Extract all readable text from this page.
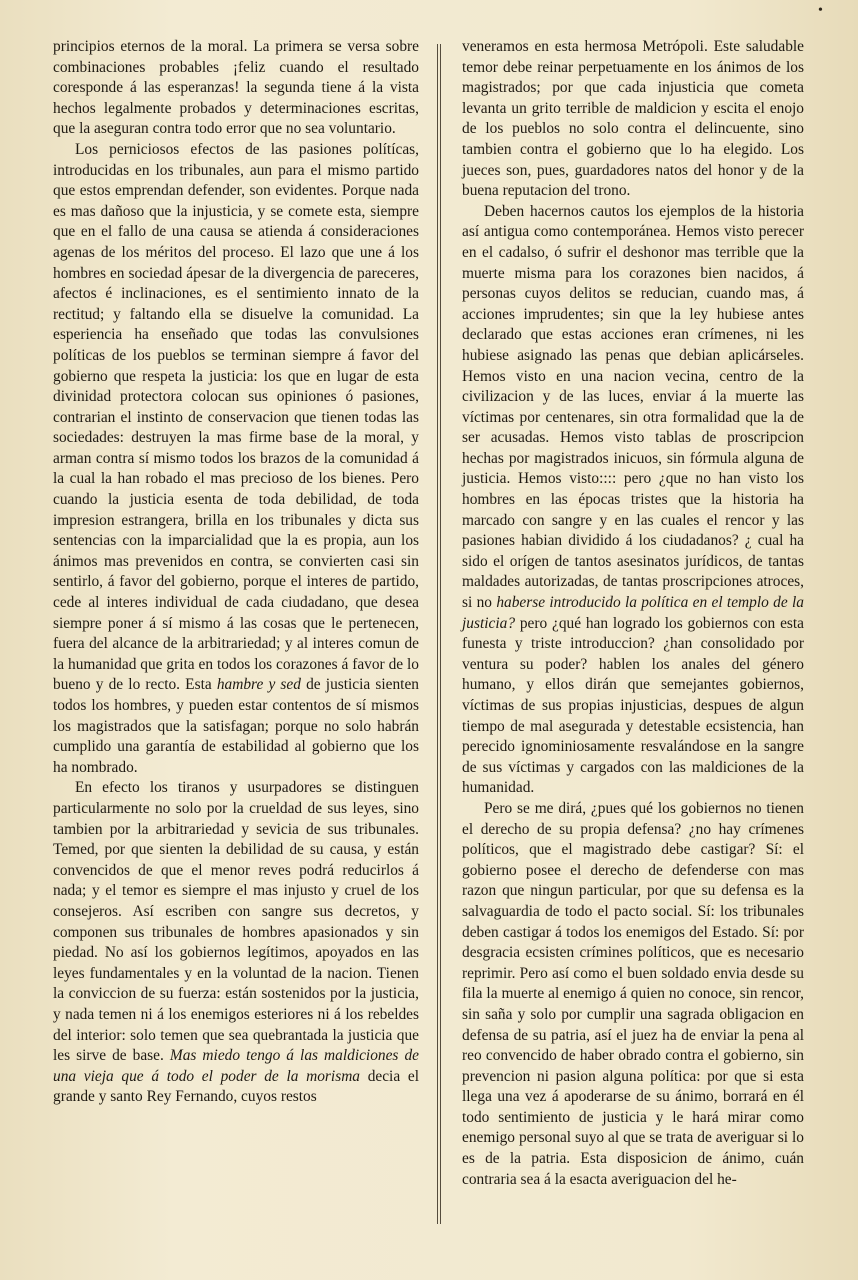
•

principios eternos de la moral. La primera se versa sobre combinaciones probables ¡feliz cuando el resultado coresponde á las esperanzas! la segunda tiene á la vista hechos legalmente probados y determinaciones escritas, que la aseguran contra todo error que no sea voluntario.

Los perniciosos efectos de las pasiones polítícas, introducidas en los tribunales, aun para el mismo partido que estos emprendan defender, son evidentes. Porque nada es mas dañoso que la injusticia, y se comete esta, siempre que en el fallo de una causa se atienda á consideraciones agenas de los méritos del proceso. El lazo que une á los hombres en sociedad ápesar de la divergencia de pareceres, afectos é inclinaciones, es el sentimiento innato de la rectitud; y faltando ella se disuelve la comunidad. La esperiencia ha enseñado que todas las convulsiones políticas de los pueblos se terminan siempre á favor del gobierno que respeta la justicia: los que en lugar de esta divinidad protectora colocan sus opiniones ó pasiones, contrarian el instinto de conservacion que tienen todas las sociedades: destruyen la mas firme base de la moral, y arman contra sí mismo todos los brazos de la comunidad á la cual la han robado el mas precioso de los bienes. Pero cuando la justicia esenta de toda debilidad, de toda impresion estrangera, brilla en los tribunales y dicta sus sentencias con la imparcialidad que la es propia, aun los ánimos mas prevenidos en contra, se convierten casi sin sentirlo, á favor del gobierno, porque el interes de partido, cede al interes individual de cada ciudadano, que desea siempre poner á sí mismo á las cosas que le pertenecen, fuera del alcance de la arbitrariedad; y al interes comun de la humanidad que grita en todos los corazones á favor de lo bueno y de lo recto. Esta hambre y sed de justicia sienten todos los hombres, y pueden estar contentos de sí mismos los magistrados que la satisfagan; porque no solo habrán cumplido una garantía de estabilidad al gobierno que los ha nombrado.

En efecto los tiranos y usurpadores se distinguen particularmente no solo por la crueldad de sus leyes, sino tambien por la arbitrariedad y sevicia de sus tribunales. Temed, por que sienten la debilidad de su causa, y están convencidos de que el menor reves podrá reducirlos á nada; y el temor es siempre el mas injusto y cruel de los consejeros. Así escriben con sangre sus decretos, y componen sus tribunales de hombres apasionados y sin piedad. No así los gobiernos legítimos, apoyados en las leyes fundamentales y en la voluntad de la nacion. Tienen la conviccion de su fuerza: están sostenidos por la justicia, y nada temen ni á los enemigos esteriores ni á los rebeldes del interior: solo temen que sea quebrantada la justicia que les sirve de base. Mas miedo tengo á las maldiciones de una vieja que á todo el poder de la morisma decia el grande y santo Rey Fernando, cuyos restos

veneramos en esta hermosa Metrópoli. Este saludable temor debe reinar perpetuamente en los ánimos de los magistrados; por que cada injusticia que cometa levanta un grito terrible de maldicion y escita el enojo de los pueblos no solo contra el delincuente, sino tambien contra el gobierno que lo ha elegido. Los jueces son, pues, guardadores natos del honor y de la buena reputacion del trono.

Deben hacernos cautos los ejemplos de la historia así antigua como contemporánea. Hemos visto perecer en el cadalso, ó sufrir el deshonor mas terrible que la muerte misma para los corazones bien nacidos, á personas cuyos delitos se reducian, cuando mas, á acciones imprudentes; sin que la ley hubiese antes declarado que estas acciones eran crímenes, ni les hubiese asignado las penas que debian aplicárseles. Hemos visto en una nacion vecina, centro de la civilizacion y de las luces, enviar á la muerte las víctimas por centenares, sin otra formalidad que la de ser acusadas. Hemos visto tablas de proscripcion hechas por magistrados inicuos, sin fórmula alguna de justicia. Hemos visto:::: pero ¿que no han visto los hombres en las épocas tristes que la historia ha marcado con sangre y en las cuales el rencor y las pasiones habian dividido á los ciudadanos? ¿ cual ha sido el orígen de tantos asesinatos jurídicos, de tantas maldades autorizadas, de tantas proscripciones atroces, si no haberse introducido la política en el templo de la justicia? pero ¿qué han logrado los gobiernos con esta funesta y triste introduccion? ¿han consolidado por ventura su poder? hablen los anales del género humano, y ellos dirán que semejantes gobiernos, víctimas de sus propias injusticias, despues de algun tiempo de mal asegurada y detestable ecsistencia, han perecido ignominiosamente resvalándose en la sangre de sus víctimas y cargados con las maldiciones de la humanidad.

Pero se me dirá, ¿pues qué los gobiernos no tienen el derecho de su propia defensa? ¿no hay crímenes políticos, que el magistrado debe castigar? Sí: el gobierno posee el derecho de defenderse con mas razon que ningun particular, por que su defensa es la salvaguardia de todo el pacto social. Sí: los tribunales deben castigar á todos los enemigos del Estado. Sí: por desgracia ecsisten crímines políticos, que es necesario reprimir. Pero así como el buen soldado envia desde su fila la muerte al enemigo á quien no conoce, sin rencor, sin saña y solo por cumplir una sagrada obligacion en defensa de su patria, así el juez ha de enviar la pena al reo convencido de haber obrado contra el gobierno, sin prevencion ni pasion alguna política: por que si esta llega una vez á apoderarse de su ánimo, borrará en él todo sentimiento de justicia y le hará mirar como enemigo personal suyo al que se trata de averiguar si lo es de la patria. Esta disposicion de ánimo, cuán contraria sea á la esacta averiguacion del he-
